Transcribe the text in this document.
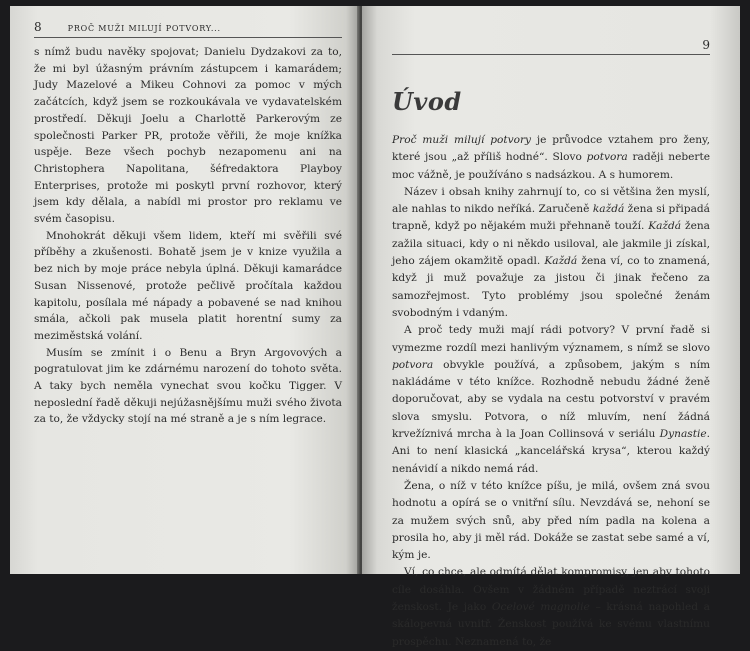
8	PROČ MUŽI MILUJÍ POTVORY...

s nímž budu navěky spojovat; Danielu Dydzakovi za to, že mi byl úžasným právním zástupcem i kamarádem; Judy Mazelové a Mikeu Cohnovi za pomoc v mých začátcích, když jsem se rozkoukávala ve vydavatelském prostředí. Děkuji Joelu a Charlottě Parkerovým ze společnosti Parker PR, protože věřili, že moje knížka uspěje. Beze všech pochyb nezapomenu ani na Christophera Napolitana, šéfredaktora Playboy Enterprises, protože mi poskytl první rozhovor, který jsem kdy dělala, a nabídl mi prostor pro reklamu ve svém časopisu.

Mnohokrát děkuji všem lidem, kteří mi svěřili své příběhy a zkušenosti. Bohatě jsem je v knize využila a bez nich by moje práce nebyla úplná. Děkuji kamarádce Susan Nissenové, protože pečlivě pročítala každou kapitolu, posílala mé nápady a pobavené se nad knihou smála, ačkoli pak musela platit horentní sumy za meziměstská volání.

Musím se zmínit i o Benu a Bryn Argovových a pogratulovat jim ke zdárnému narození do tohoto světa. A taky bych neměla vynechat svou kočku Tigger. V neposlední řadě děkuji nejúžasnějšímu muži svého života za to, že vždycky stojí na mé straně a je s ním legrace.

9
Úvod

Proč muži milují potvory je průvodce vztahem pro ženy, které jsou „až příliš hodné“. Slovo potvora raději neberte moc vážně, je používáno s nadsázkou. A s humorem.

Název i obsah knihy zahrnují to, co si většina žen myslí, ale nahlas to nikdo neříká. Zaručeně každá žena si připadá trapně, když po nějakém muži přehnaně touží. Každá žena zažila situaci, kdy o ni někdo usiloval, ale jakmile ji získal, jeho zájem okamžitě opadl. Každá žena ví, co to znamená, když ji muž považuje za jistou či jinak řečeno za samozřejmost. Tyto problémy jsou společné ženám svobodným i vdaným.

A proč tedy muži mají rádi potvory? V první řadě si vymezme rozdíl mezi hanlivým významem, s nímž se slovo potvora obvykle používá, a způsobem, jakým s ním nakládáme v této knížce. Rozhodně nebudu žádné ženě doporučovat, aby se vydala na cestu potvorství v pravém slova smyslu. Potvora, o níž mluvím, není žádná krvežíznivá mrcha à la Joan Collinsová v seriálu Dynastie. Ani to není klasická „kancelářská krysa“, kterou každý nenávidí a nikdo nemá rád.

Žena, o níž v této knížce píšu, je milá, ovšem zná svou hodnotu a opírá se o vnitřní sílu. Nevzdává se, nehoní se za mužem svých snů, aby před ním padla na kolena a prosila ho, aby ji měl rád. Dokáže se zastat sebe samé a ví, kým je.

Ví, co chce, ale odmítá dělat kompromisy, jen aby tohoto cíle dosáhla. Ovšem v žádném případě neztrácí svoji ženskost. Je jako Ocelové magnolie – krásná napohled a skálopevná uvnitř. Ženskost používá ke svému vlastnímu prospěchu. Neznamená to, že
